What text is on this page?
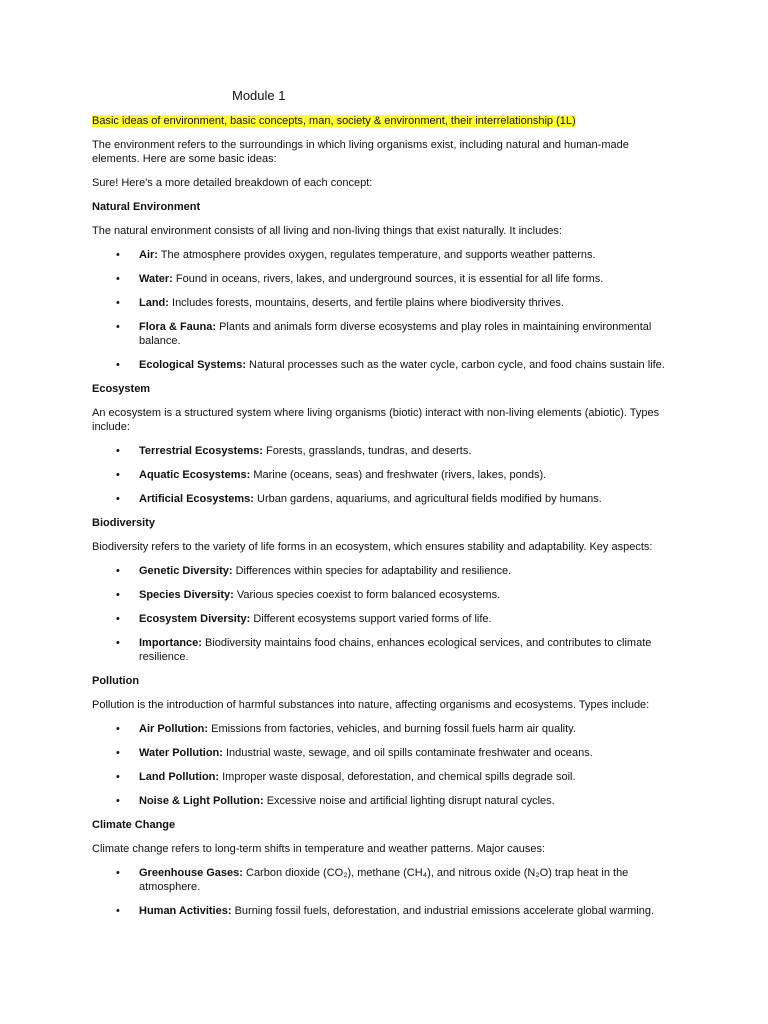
Module 1
Basic ideas of environment, basic concepts, man, society & environment, their interrelationship (1L)

The environment refers to the surroundings in which living organisms exist, including natural and human-made elements. Here are some basic ideas:

Sure! Here's a more detailed breakdown of each concept:

Natural Environment

The natural environment consists of all living and non-living things that exist naturally. It includes:

• Air: The atmosphere provides oxygen, regulates temperature, and supports weather patterns.
• Water: Found in oceans, rivers, lakes, and underground sources, it is essential for all life forms.
• Land: Includes forests, mountains, deserts, and fertile plains where biodiversity thrives.
• Flora & Fauna: Plants and animals form diverse ecosystems and play roles in maintaining environmental balance.
• Ecological Systems: Natural processes such as the water cycle, carbon cycle, and food chains sustain life.
Ecosystem

An ecosystem is a structured system where living organisms (biotic) interact with non-living elements (abiotic). Types include:

• Terrestrial Ecosystems: Forests, grasslands, tundras, and deserts.
• Aquatic Ecosystems: Marine (oceans, seas) and freshwater (rivers, lakes, ponds).
• Artificial Ecosystems: Urban gardens, aquariums, and agricultural fields modified by humans.
Biodiversity

Biodiversity refers to the variety of life forms in an ecosystem, which ensures stability and adaptability. Key aspects:

• Genetic Diversity: Differences within species for adaptability and resilience.
• Species Diversity: Various species coexist to form balanced ecosystems.
• Ecosystem Diversity: Different ecosystems support varied forms of life.
• Importance: Biodiversity maintains food chains, enhances ecological services, and contributes to climate resilience.
Pollution

Pollution is the introduction of harmful substances into nature, affecting organisms and ecosystems. Types include:

• Air Pollution: Emissions from factories, vehicles, and burning fossil fuels harm air quality.
• Water Pollution: Industrial waste, sewage, and oil spills contaminate freshwater and oceans.
• Land Pollution: Improper waste disposal, deforestation, and chemical spills degrade soil.
• Noise & Light Pollution: Excessive noise and artificial lighting disrupt natural cycles.
Climate Change

Climate change refers to long-term shifts in temperature and weather patterns. Major causes:

• Greenhouse Gases: Carbon dioxide (CO₂), methane (CH₄), and nitrous oxide (N₂O) trap heat in the atmosphere.
• Human Activities: Burning fossil fuels, deforestation, and industrial emissions accelerate global warming.
